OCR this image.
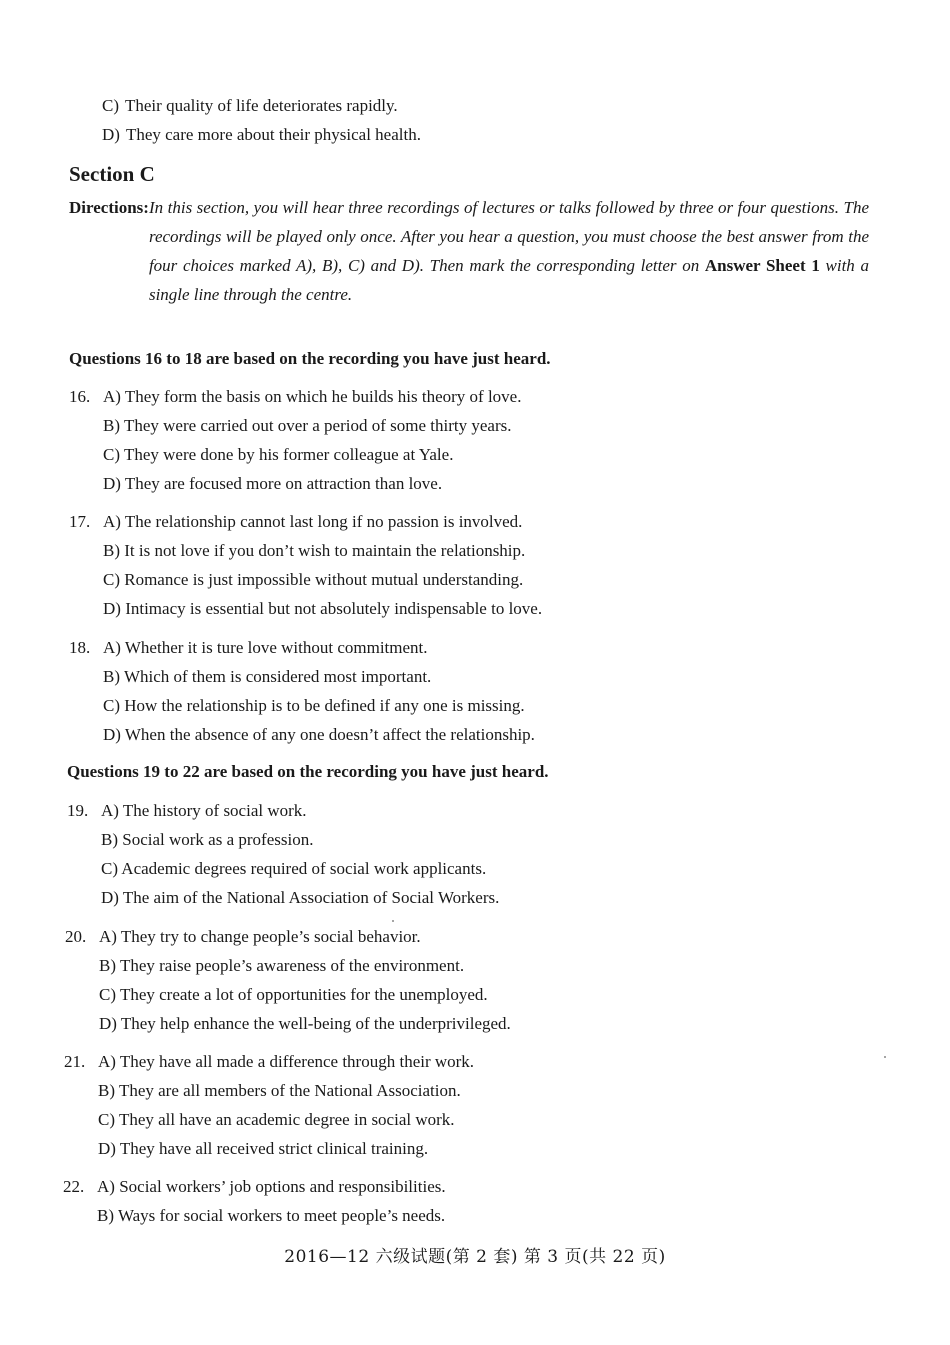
C) Their quality of life deteriorates rapidly.
D) They care more about their physical health.
Section C
Directions: In this section, you will hear three recordings of lectures or talks followed by three or four questions. The recordings will be played only once. After you hear a question, you must choose the best answer from the four choices marked A), B), C) and D). Then mark the corresponding letter on Answer Sheet 1 with a single line through the centre.
Questions 16 to 18 are based on the recording you have just heard.
16. A) They form the basis on which he builds his theory of love.
B) They were carried out over a period of some thirty years.
C) They were done by his former colleague at Yale.
D) They are focused more on attraction than love.
17. A) The relationship cannot last long if no passion is involved.
B) It is not love if you don’t wish to maintain the relationship.
C) Romance is just impossible without mutual understanding.
D) Intimacy is essential but not absolutely indispensable to love.
18. A) Whether it is ture love without commitment.
B) Which of them is considered most important.
C) How the relationship is to be defined if any one is missing.
D) When the absence of any one doesn’t affect the relationship.
Questions 19 to 22 are based on the recording you have just heard.
19. A) The history of social work.
B) Social work as a profession.
C) Academic degrees required of social work applicants.
D) The aim of the National Association of Social Workers.
20. A) They try to change people’s social behavior.
B) They raise people’s awareness of the environment.
C) They create a lot of opportunities for the unemployed.
D) They help enhance the well-being of the underprivileged.
21. A) They have all made a difference through their work.
B) They are all members of the National Association.
C) They all have an academic degree in social work.
D) They have all received strict clinical training.
22. A) Social workers’ job options and responsibilities.
B) Ways for social workers to meet people’s needs.
2016—12 六级试题(第 2 套) 第 3 页(共 22 页)
